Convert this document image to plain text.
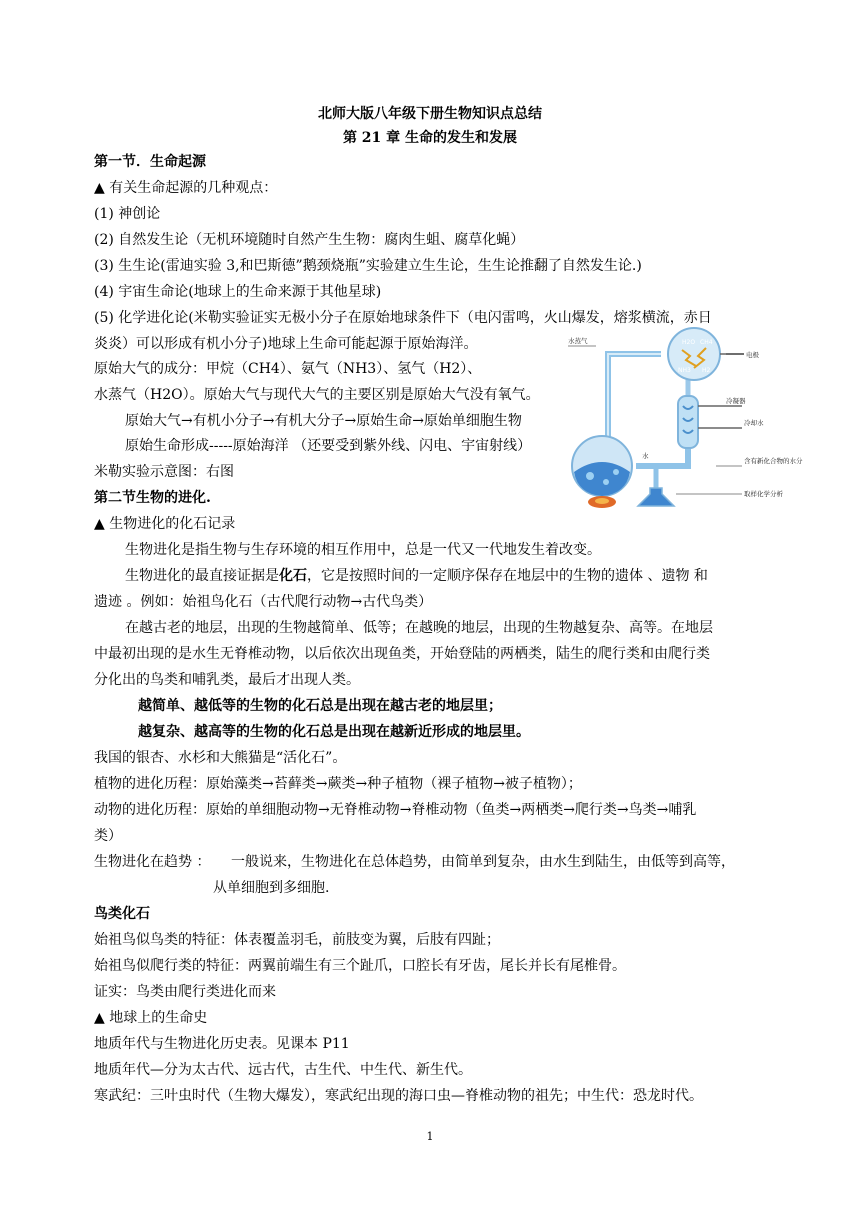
北师大版八年级下册生物知识点总结
第 21 章 生命的发生和发展
第一节．生命起源
▲ 有关生命起源的几种观点：
(1) 神创论
(2) 自然发生论（无机环境随时自然产生生物：腐肉生蛆、腐草化蝇）
(3) 生生论(雷迪实验 3,和巴斯德”鹅颈烧瓶”实验建立生生论，生生论推翻了自然发生论.)
(4) 宇宙生命论(地球上的生命来源于其他星球)
(5) 化学进化论(米勒实验证实无极小分子在原始地球条件下（电闪雷鸣，火山爆发，熔浆横流，赤日
炎炎）可以形成有机小分子)地球上生命可能起源于原始海洋。
原始大气的成分：甲烷（CH4）、氨气（NH3）、氢气（H2）、
水蒸气（H2O）。原始大气与现代大气的主要区别是原始大气没有氧气。
原始大气→有机小分子→有机大分子→原始生命→原始单细胞生物
原始生命形成-----原始海洋 （还要受到紫外线、闪电、宇宙射线）
米勒实验示意图：右图
水蒸气
电极
冷凝器
冷却水
水
含有新化合物的水分
取样化学分析
H2O CH4
NH3 H2
第二节生物的进化.
▲ 生物进化的化石记录
生物进化是指生物与生存环境的相互作用中，总是一代又一代地发生着改变。
生物进化的最直接证据是化石，它是按照时间的一定顺序保存在地层中的生物的遗体 、遗物 和
遗迹 。例如：始祖鸟化石（古代爬行动物→古代鸟类）
在越古老的地层，出现的生物越简单、低等；在越晚的地层，出现的生物越复杂、高等。在地层
中最初出现的是水生无脊椎动物，以后依次出现鱼类，开始登陆的两栖类，陆生的爬行类和由爬行类
分化出的鸟类和哺乳类，最后才出现人类。
越简单、越低等的生物的化石总是出现在越古老的地层里；
越复杂、越高等的生物的化石总是出现在越新近形成的地层里。
我国的银杏、水杉和大熊猫是“活化石”。
植物的进化历程：原始藻类→苔藓类→蕨类→种子植物（裸子植物→被子植物）；
动物的进化历程：原始的单细胞动物→无脊椎动物→脊椎动物（鱼类→两栖类→爬行类→鸟类→哺乳
类）
生物进化在趋势 ： 一般说来，生物进化在总体趋势，由简单到复杂，由水生到陆生，由低等到高等，
从单细胞到多细胞.
鸟类化石
始祖鸟似鸟类的特征：体表覆盖羽毛，前肢变为翼，后肢有四趾；
始祖鸟似爬行类的特征：两翼前端生有三个趾爪，口腔长有牙齿，尾长并长有尾椎骨。
证实：鸟类由爬行类进化而来
▲ 地球上的生命史
地质年代与生物进化历史表。见课本 P11
地质年代—分为太古代、远古代，古生代、中生代、新生代。
寒武纪：三叶虫时代（生物大爆发），寒武纪出现的海口虫—脊椎动物的祖先；中生代：恐龙时代。
1
